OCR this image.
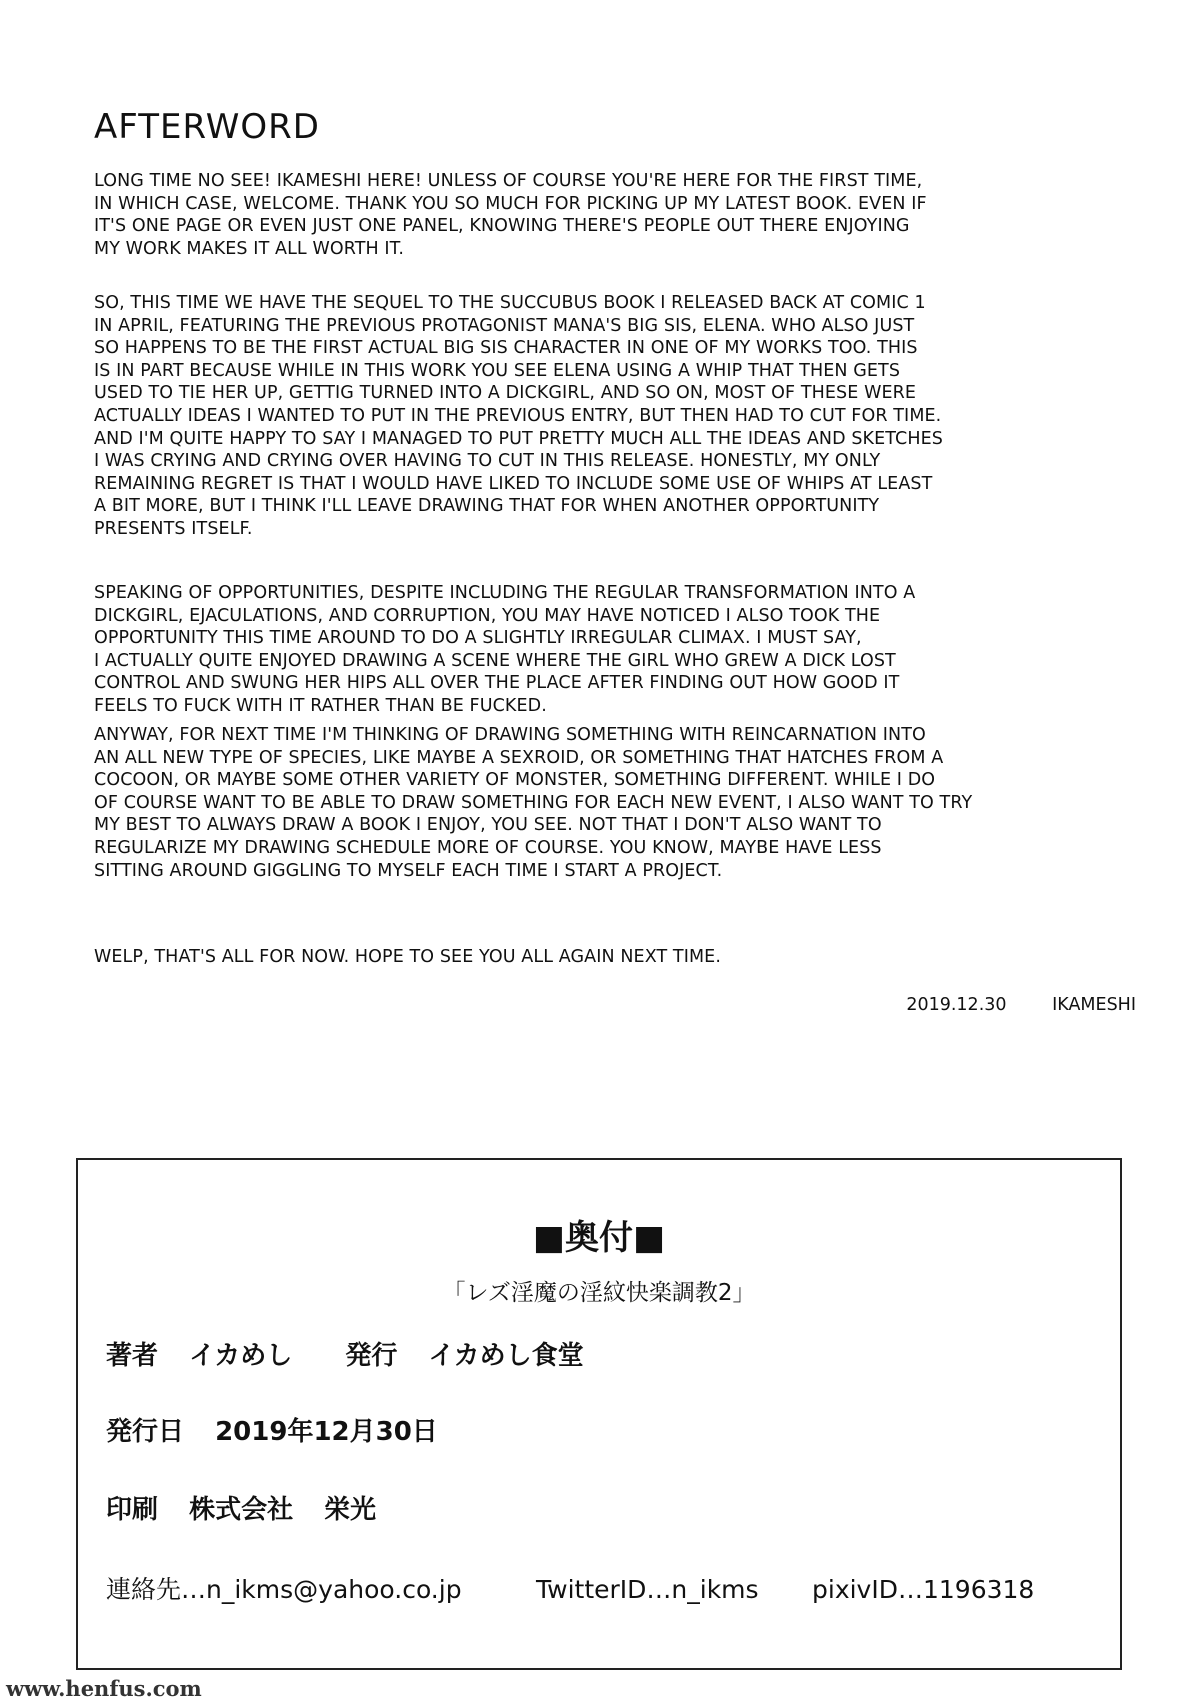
AFTERWORD
LONG TIME NO SEE! IKAMESHI HERE! UNLESS OF COURSE YOU'RE HERE FOR THE FIRST TIME,
IN WHICH CASE, WELCOME. THANK YOU SO MUCH FOR PICKING UP MY LATEST BOOK. EVEN IF
IT'S ONE PAGE OR EVEN JUST ONE PANEL, KNOWING THERE'S PEOPLE OUT THERE ENJOYING
MY WORK MAKES IT ALL WORTH IT.
SO, THIS TIME WE HAVE THE SEQUEL TO THE SUCCUBUS BOOK I RELEASED BACK AT COMIC 1
IN APRIL, FEATURING THE PREVIOUS PROTAGONIST MANA'S BIG SIS, ELENA. WHO ALSO JUST
SO HAPPENS TO BE THE FIRST ACTUAL BIG SIS CHARACTER IN ONE OF MY WORKS TOO. THIS
IS IN PART BECAUSE WHILE IN THIS WORK YOU SEE ELENA USING A WHIP THAT THEN GETS
USED TO TIE HER UP, GETTIG TURNED INTO A DICKGIRL, AND SO ON, MOST OF THESE WERE
ACTUALLY IDEAS I WANTED TO PUT IN THE PREVIOUS ENTRY, BUT THEN HAD TO CUT FOR TIME.
AND I'M QUITE HAPPY TO SAY I MANAGED TO PUT PRETTY MUCH ALL THE IDEAS AND SKETCHES
I WAS CRYING AND CRYING OVER HAVING TO CUT IN THIS RELEASE. HONESTLY, MY ONLY
REMAINING REGRET IS THAT I WOULD HAVE LIKED TO INCLUDE SOME USE OF WHIPS AT LEAST
A BIT MORE, BUT I THINK I'LL LEAVE DRAWING THAT FOR WHEN ANOTHER OPPORTUNITY
PRESENTS ITSELF.
SPEAKING OF OPPORTUNITIES, DESPITE INCLUDING THE REGULAR TRANSFORMATION INTO A
DICKGIRL, EJACULATIONS, AND CORRUPTION, YOU MAY HAVE NOTICED I ALSO TOOK THE
OPPORTUNITY THIS TIME AROUND TO DO A SLIGHTLY IRREGULAR CLIMAX. I MUST SAY,
I ACTUALLY QUITE ENJOYED DRAWING A SCENE WHERE THE GIRL WHO GREW A DICK LOST
CONTROL AND SWUNG HER HIPS ALL OVER THE PLACE AFTER FINDING OUT HOW GOOD IT
FEELS TO FUCK WITH IT RATHER THAN BE FUCKED.
ANYWAY, FOR NEXT TIME I'M THINKING OF DRAWING SOMETHING WITH REINCARNATION INTO
AN ALL NEW TYPE OF SPECIES, LIKE MAYBE A SEXROID, OR SOMETHING THAT HATCHES FROM A
COCOON, OR MAYBE SOME OTHER VARIETY OF MONSTER, SOMETHING DIFFERENT. WHILE I DO
OF COURSE WANT TO BE ABLE TO DRAW SOMETHING FOR EACH NEW EVENT, I ALSO WANT TO TRY
MY BEST TO ALWAYS DRAW A BOOK I ENJOY, YOU SEE. NOT THAT I DON'T ALSO WANT TO
REGULARIZE MY DRAWING SCHEDULE MORE OF COURSE. YOU KNOW, MAYBE HAVE LESS
SITTING AROUND GIGGLING TO MYSELF EACH TIME I START A PROJECT.
WELP, THAT'S ALL FOR NOW. HOPE TO SEE YOU ALL AGAIN NEXT TIME.
2019.12.30	IKAMESHI
■奥付■
「レズ淫魔の淫紋快楽調教2」
著者 イカめし 発行 イカめし食堂
発行日 2019年12月30日
印刷 株式会社 栄光
連絡先…n_ikms@yahoo.co.jp	TwitterID…n_ikms pixivID…1196318
www.henfus.com
